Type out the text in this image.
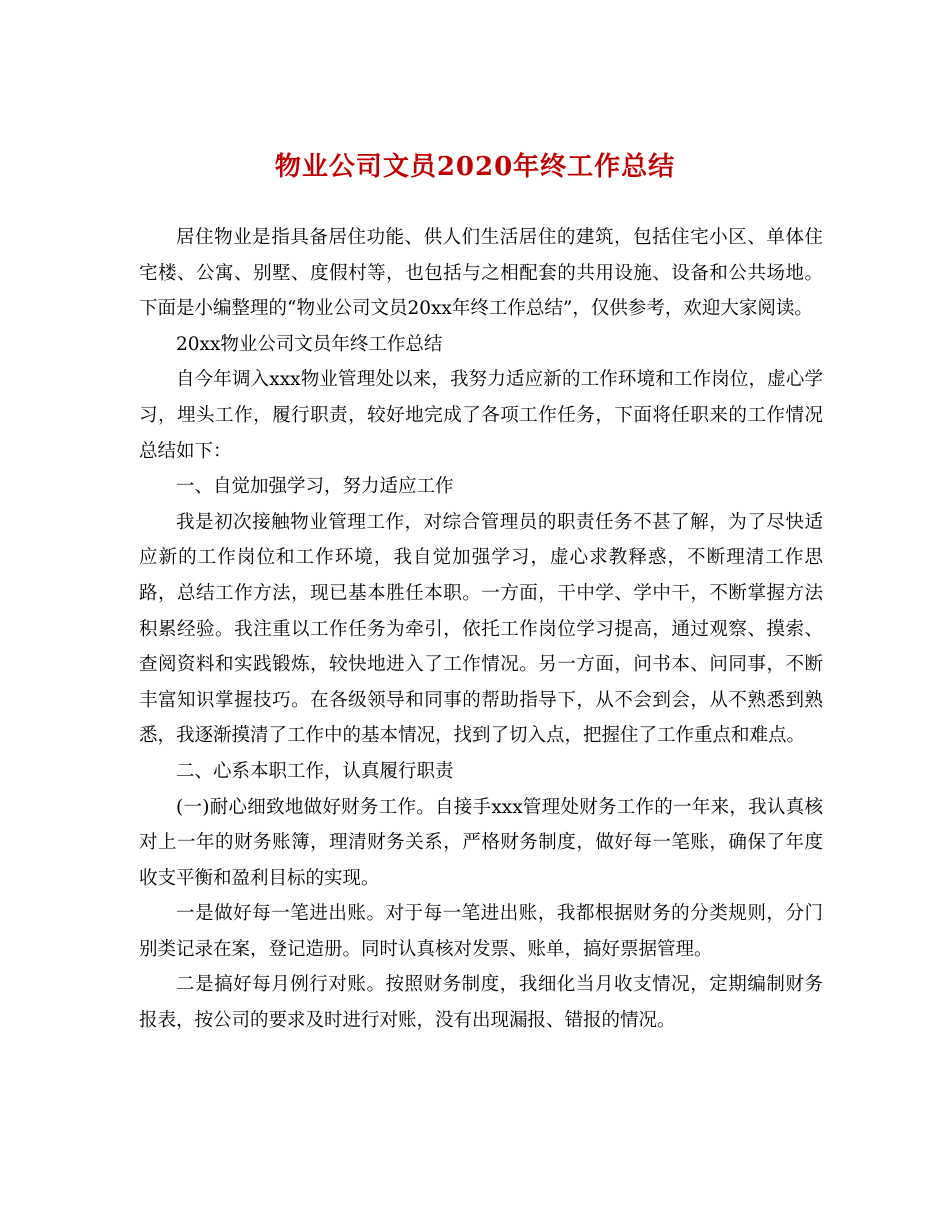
物业公司文员2020年终工作总结

居住物业是指具备居住功能、供人们生活居住的建筑，包括住宅小区、单体住宅楼、公寓、别墅、度假村等，也包括与之相配套的共用设施、设备和公共场地。下面是小编整理的“物业公司文员20xx年终工作总结”，仅供参考，欢迎大家阅读。

20xx物业公司文员年终工作总结

自今年调入xxx物业管理处以来，我努力适应新的工作环境和工作岗位，虚心学习，埋头工作，履行职责，较好地完成了各项工作任务，下面将任职来的工作情况总结如下：

一、自觉加强学习，努力适应工作

我是初次接触物业管理工作，对综合管理员的职责任务不甚了解，为了尽快适应新的工作岗位和工作环境，我自觉加强学习，虚心求教释惑，不断理清工作思路，总结工作方法，现已基本胜任本职。一方面，干中学、学中干，不断掌握方法积累经验。我注重以工作任务为牵引，依托工作岗位学习提高，通过观察、摸索、查阅资料和实践锻炼，较快地进入了工作情况。另一方面，问书本、问同事，不断丰富知识掌握技巧。在各级领导和同事的帮助指导下，从不会到会，从不熟悉到熟悉，我逐渐摸清了工作中的基本情况，找到了切入点，把握住了工作重点和难点。

二、心系本职工作，认真履行职责

(一)耐心细致地做好财务工作。自接手xxx管理处财务工作的一年来，我认真核对上一年的财务账簿，理清财务关系，严格财务制度，做好每一笔账，确保了年度收支平衡和盈利目标的实现。

一是做好每一笔进出账。对于每一笔进出账，我都根据财务的分类规则，分门别类记录在案，登记造册。同时认真核对发票、账单，搞好票据管理。

二是搞好每月例行对账。按照财务制度，我细化当月收支情况，定期编制财务报表，按公司的要求及时进行对账，没有出现漏报、错报的情况。
